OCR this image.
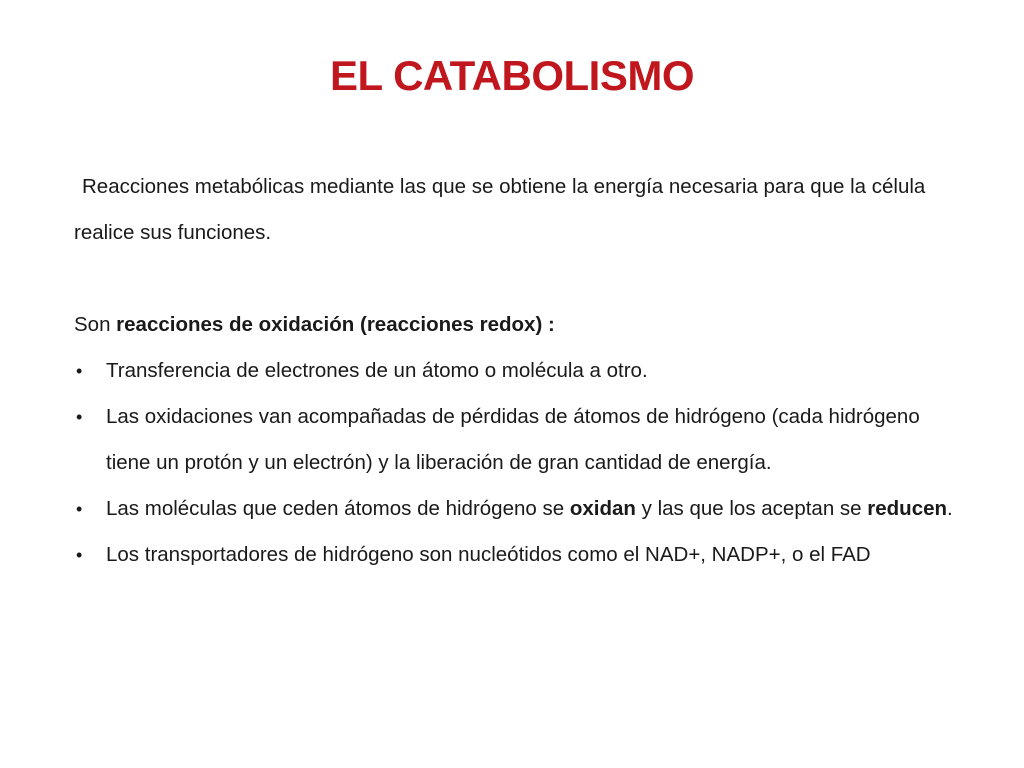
EL CATABOLISMO

Reacciones metabólicas mediante las que se obtiene la energía necesaria para que la célula realice sus funciones.

Son reacciones de oxidación (reacciones redox) :

• Transferencia de electrones de un átomo o molécula a otro.
• Las oxidaciones van acompañadas de pérdidas de átomos de hidrógeno (cada hidrógeno tiene un protón y un electrón) y la liberación de gran cantidad de energía.
• Las moléculas que ceden átomos de hidrógeno se oxidan y las que los aceptan se reducen.
• Los transportadores de hidrógeno son nucleótidos como el NAD+, NADP+, o el FAD
